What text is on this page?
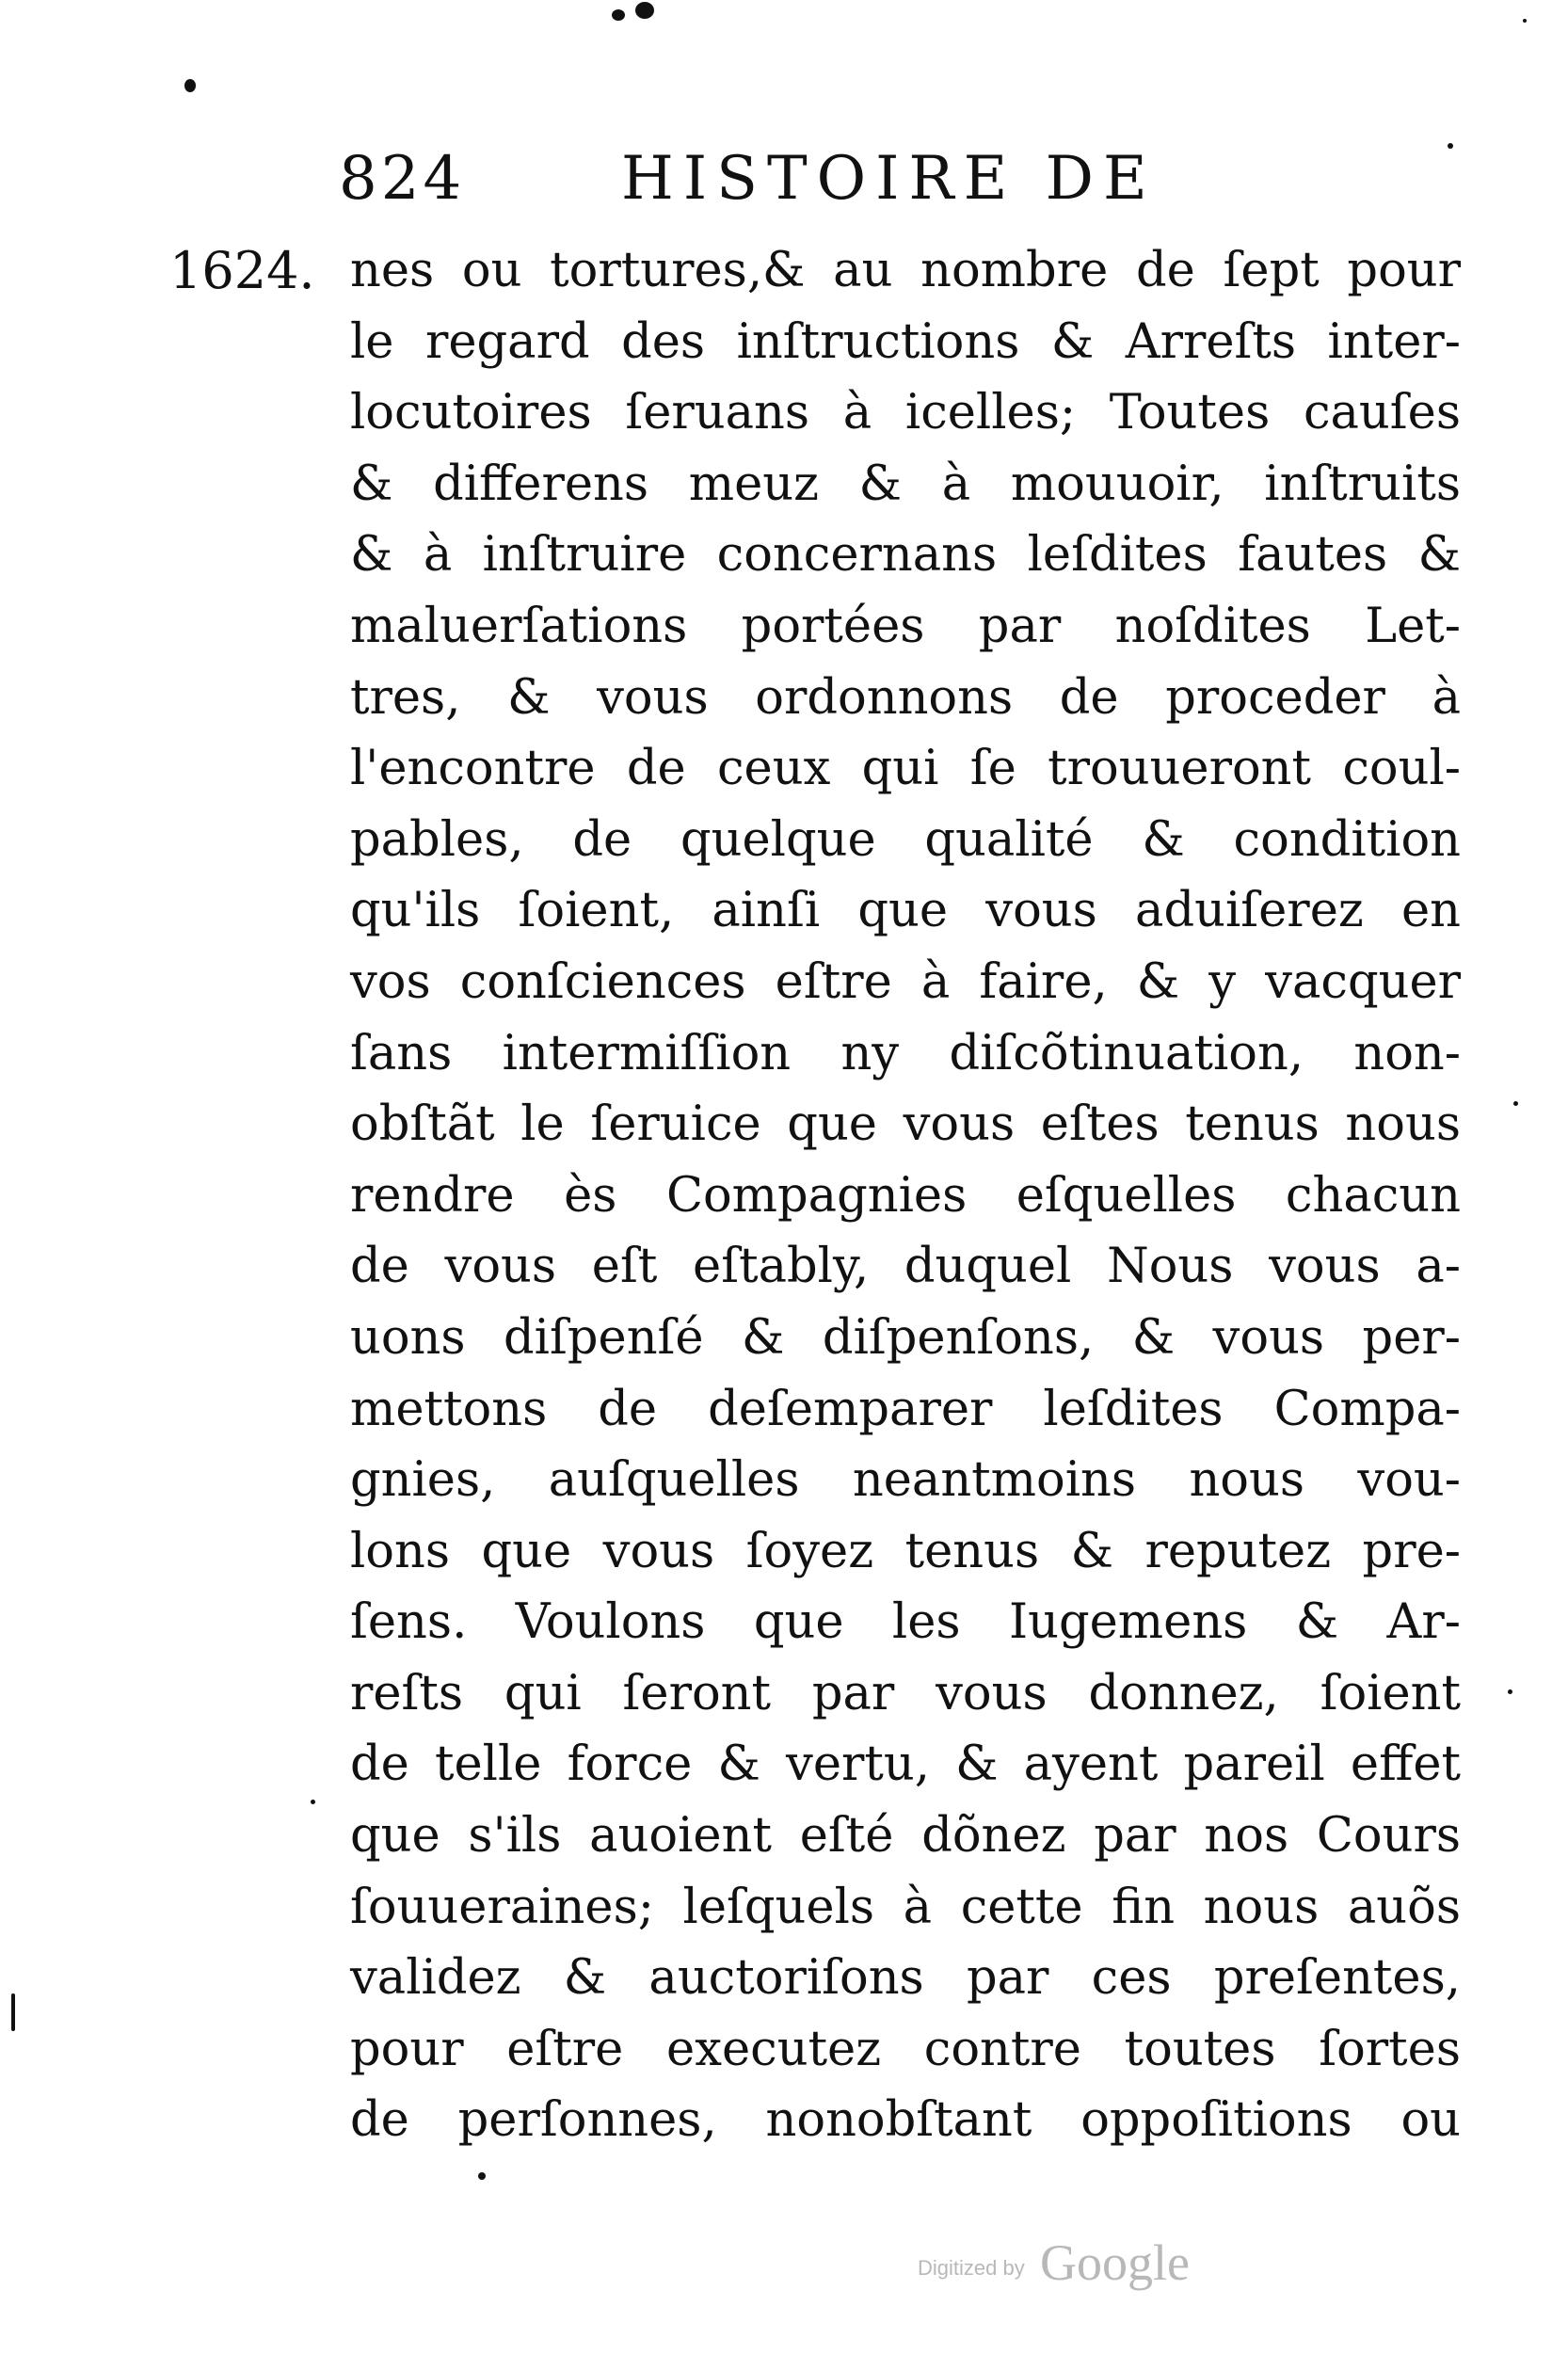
824	HISTOIRE DE
1624. nes ou tortures,& au nombre de ſept pour
le regard des inſtructions & Arreſts inter-
locutoires ſeruans à icelles; Toutes cauſes
& differens meuz & à mouuoir, inſtruits
& à inſtruire concernans leſdites fautes &
maluerſations portées par noſdites Let-
tres, & vous ordonnons de proceder à
l'encontre de ceux qui ſe trouueront coul-
pables, de quelque qualité & condition
qu'ils ſoient, ainſi que vous aduiſerez en
vos conſciences eſtre à faire, & y vacquer
ſans intermiſſion ny diſcõtinuation, non-
obſtãt le ſeruice que vous eſtes tenus nous
rendre ès Compagnies eſquelles chacun
de vous eſt eſtably, duquel Nous vous a-
uons diſpenſé & diſpenſons, & vous per-
mettons de deſemparer leſdites Compa-
gnies, auſquelles neantmoins nous vou-
lons que vous ſoyez tenus & reputez pre-
ſens. Voulons que les Iugemens & Ar-
reſts qui ſeront par vous donnez, ſoient
de telle force & vertu, & ayent pareil effet
que s'ils auoient eſté dõnez par nos Cours
ſouueraines; leſquels à cette fin nous auõs
validez & auctoriſons par ces preſentes,
pour eſtre executez contre toutes ſortes
de perſonnes, nonobſtant oppoſitions ou
Digitized by Google
